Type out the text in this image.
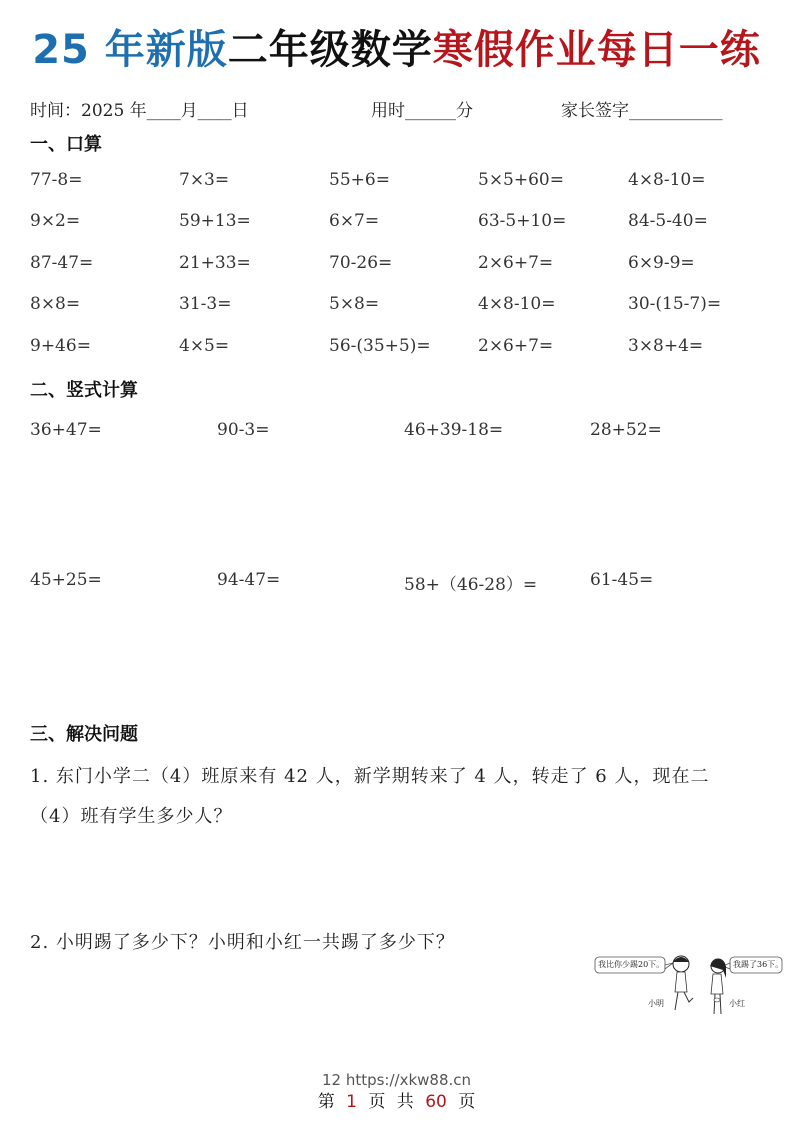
25 年新版二年级数学寒假作业每日一练
时间：2025 年____月____日	用时______分	家长签字___________
一、口算
77-8=	7×3=	55+6=	5×5+60=	4×8-10=
9×2=	59+13=	6×7=	63-5+10=	84-5-40=
87-47=	21+33=	70-26=	2×6+7=	6×9-9=
8×8=	31-3=	5×8=	4×8-10=	30-(15-7)=
9+46=	4×5=	56-(35+5)=	2×6+7=	3×8+4=
二、竖式计算
36+47=	90-3=	46+39-18=	28+52=
45+25=	94-47=	58+（46-28）=	61-45=
三、解决问题
1. 东门小学二（4）班原来有 42 人，新学期转来了 4 人，转走了 6 人，现在二
（4）班有学生多少人？
2. 小明踢了多少下？小明和小红一共踢了多少下？
我比你少踢20下。	我踢了36下。
小明	小红
12 https://xkw88.cn
第 1 页 共 60 页
